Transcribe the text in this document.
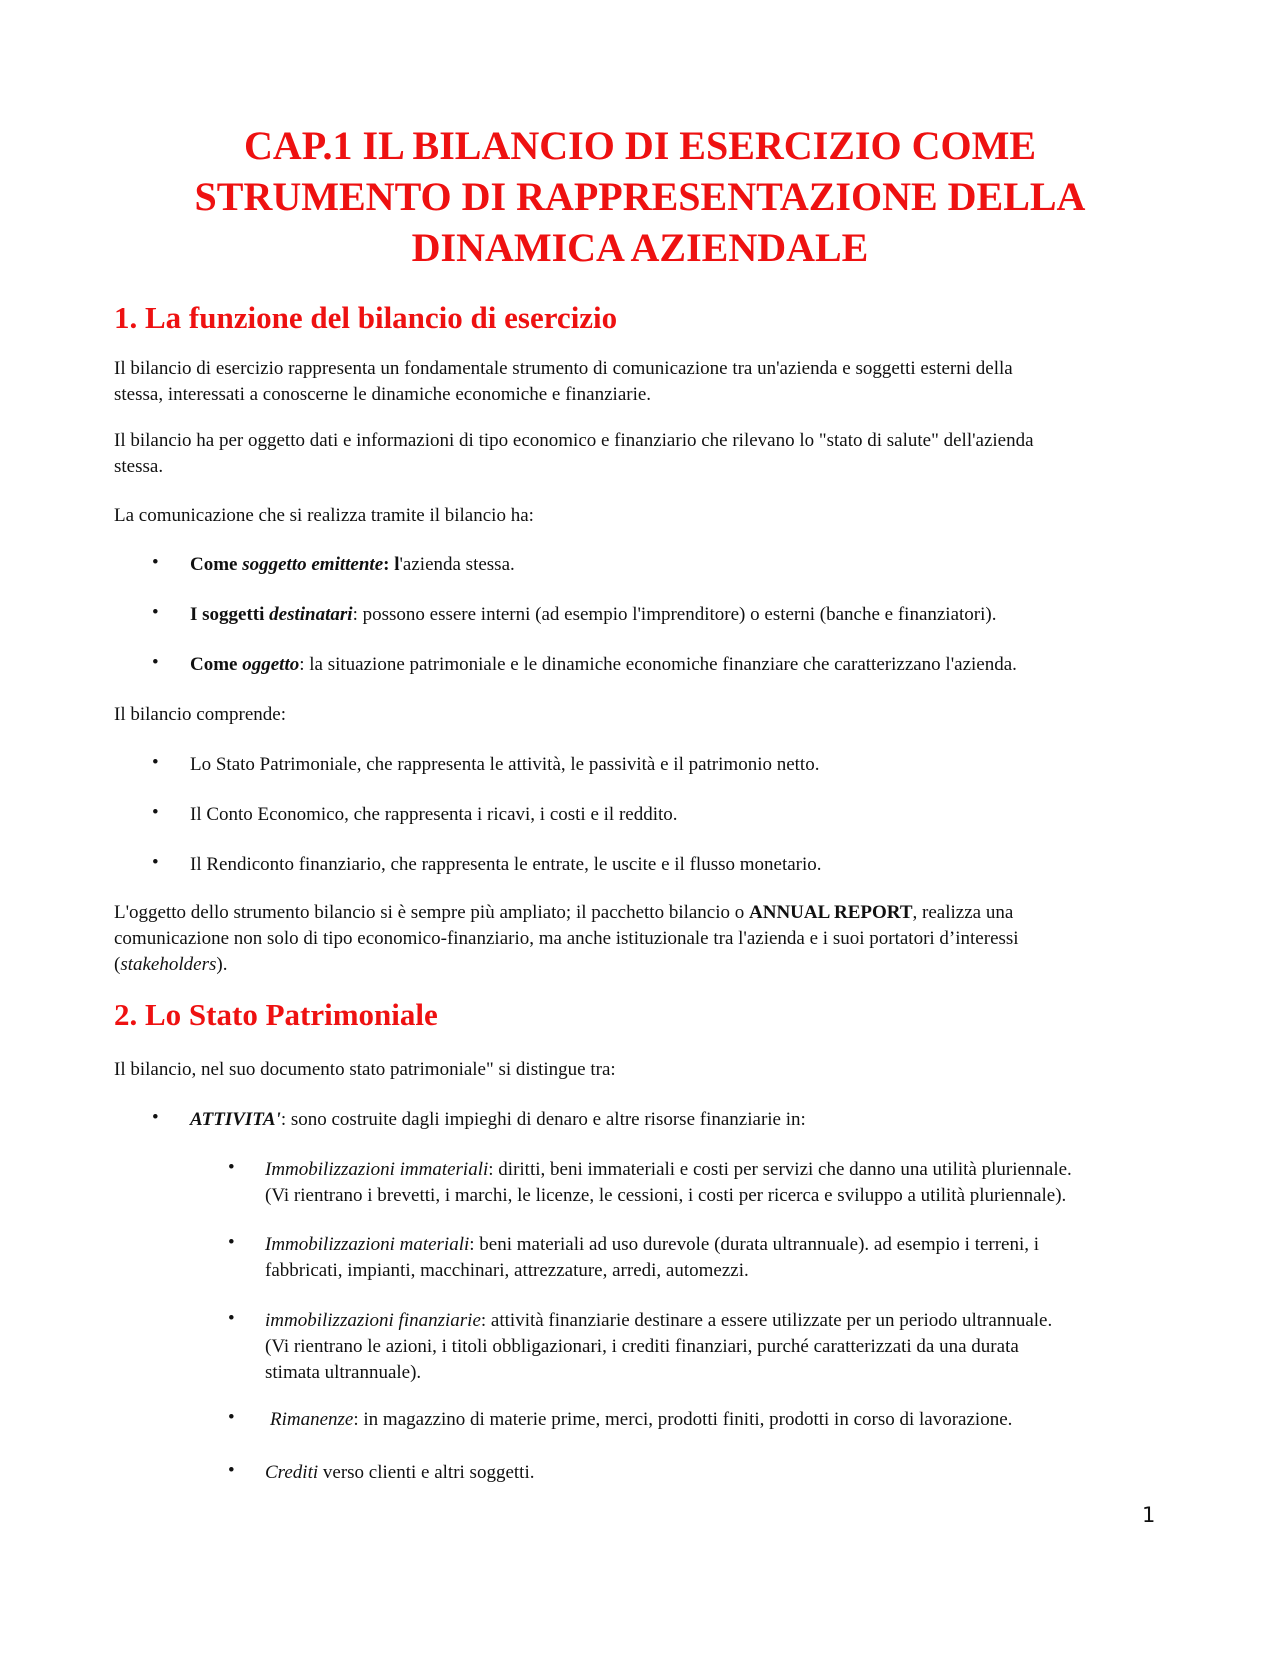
CAP.1 IL BILANCIO DI ESERCIZIO COME
STRUMENTO DI RAPPRESENTAZIONE DELLA
DINAMICA AZIENDALE
1. La funzione del bilancio di esercizio

Il bilancio di esercizio rappresenta un fondamentale strumento di comunicazione tra un'azienda e soggetti esterni della
stessa, interessati a conoscerne le dinamiche economiche e finanziarie.

Il bilancio ha per oggetto dati e informazioni di tipo economico e finanziario che rilevano lo "stato di salute" dell'azienda
stessa.

La comunicazione che si realizza tramite il bilancio ha:

• Come soggetto emittente: l'azienda stessa.
• I soggetti destinatari: possono essere interni (ad esempio l'imprenditore) o esterni (banche e finanziatori).
• Come oggetto: la situazione patrimoniale e le dinamiche economiche finanziare che caratterizzano l'azienda.

Il bilancio comprende:

• Lo Stato Patrimoniale, che rappresenta le attività, le passività e il patrimonio netto.
• Il Conto Economico, che rappresenta i ricavi, i costi e il reddito.
• Il Rendiconto finanziario, che rappresenta le entrate, le uscite e il flusso monetario.

L'oggetto dello strumento bilancio si è sempre più ampliato; il pacchetto bilancio o ANNUAL REPORT, realizza una
comunicazione non solo di tipo economico-finanziario, ma anche istituzionale tra l'azienda e i suoi portatori d’interessi
(stakeholders).

2. Lo Stato Patrimoniale

Il bilancio, nel suo documento stato patrimoniale" si distingue tra:

• ATTIVITA': sono costruite dagli impieghi di denaro e altre risorse finanziarie in:
• Immobilizzazioni immateriali: diritti, beni immateriali e costi per servizi che danno una utilità pluriennale.
(Vi rientrano i brevetti, i marchi, le licenze, le cessioni, i costi per ricerca e sviluppo a utilità pluriennale).
• Immobilizzazioni materiali: beni materiali ad uso durevole (durata ultrannuale). ad esempio i terreni, i
fabbricati, impianti, macchinari, attrezzature, arredi, automezzi.
• immobilizzazioni finanziarie: attività finanziarie destinare a essere utilizzate per un periodo ultrannuale.
(Vi rientrano le azioni, i titoli obbligazionari, i crediti finanziari, purché caratterizzati da una durata
stimata ultrannuale).
• Rimanenze: in magazzino di materie prime, merci, prodotti finiti, prodotti in corso di lavorazione.
• Crediti verso clienti e altri soggetti.
1
